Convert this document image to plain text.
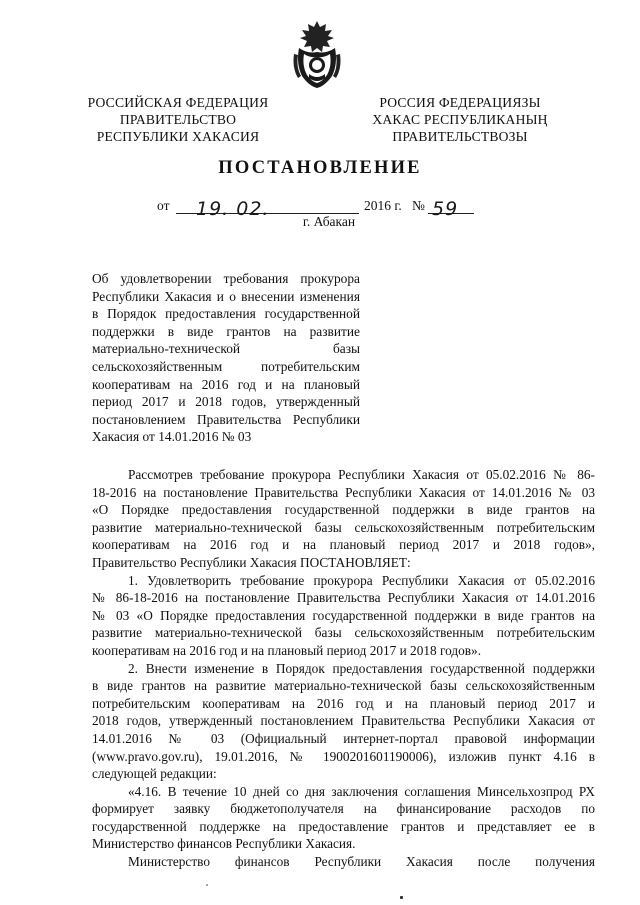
РОССИЙСКАЯ ФЕДЕРАЦИЯ
ПРАВИТЕЛЬСТВО
РЕСПУБЛИКИ ХАКАСИЯ
РОССИЯ ФЕДЕРАЦИЯЗЫ
ХАКАС РЕСПУБЛИКАНЫҢ
ПРАВИТЕЛЬСТВОЗЫ
ПОСТАНОВЛЕНИЕ
от 19. 02.	2016 г. № 59
г. Абакан
Об удовлетворении требования прокурора
Республики Хакасия и о внесении изменения
в Порядок предоставления государственной
поддержки в виде грантов на развитие
материально-технической базы
сельскохозяйственным потребительским
кооперативам на 2016 год и на плановый
период 2017 и 2018 годов, утвержденный
постановлением Правительства Республики
Хакасия от 14.01.2016 № 03
Рассмотрев требование прокурора Республики Хакасия от 05.02.2016 № 86-
18-2016 на постановление Правительства Республики Хакасия от 14.01.2016 № 03
«О Порядке предоставления государственной поддержки в виде грантов на
развитие материально-технической базы сельскохозяйственным потребительским
кооперативам на 2016 год и на плановый период 2017 и 2018 годов»,
Правительство Республики Хакасия ПОСТАНОВЛЯЕТ:
1. Удовлетворить требование прокурора Республики Хакасия от 05.02.2016
№ 86-18-2016 на постановление Правительства Республики Хакасия от 14.01.2016
№ 03 «О Порядке предоставления государственной поддержки в виде грантов на
развитие материально-технической базы сельскохозяйственным потребительским
кооперативам на 2016 год и на плановый период 2017 и 2018 годов».
2. Внести изменение в Порядок предоставления государственной поддержки
в виде грантов на развитие материально-технической базы сельскохозяйственным
потребительским кооперативам на 2016 год и на плановый период 2017 и
2018 годов, утвержденный постановлением Правительства Республики Хакасия от
14.01.2016 № 03 (Официальный интернет-портал правовой информации
(www.pravo.gov.ru), 19.01.2016, № 1900201601190006), изложив пункт 4.16 в
следующей редакции:
«4.16. В течение 10 дней со дня заключения соглашения Минсельхозпрод РХ
формирует заявку бюджетополучателя на финансирование расходов по
государственной поддержке на предоставление грантов и представляет ее в
Министерство финансов Республики Хакасия.
Министерство финансов Республики Хакасия после получения
